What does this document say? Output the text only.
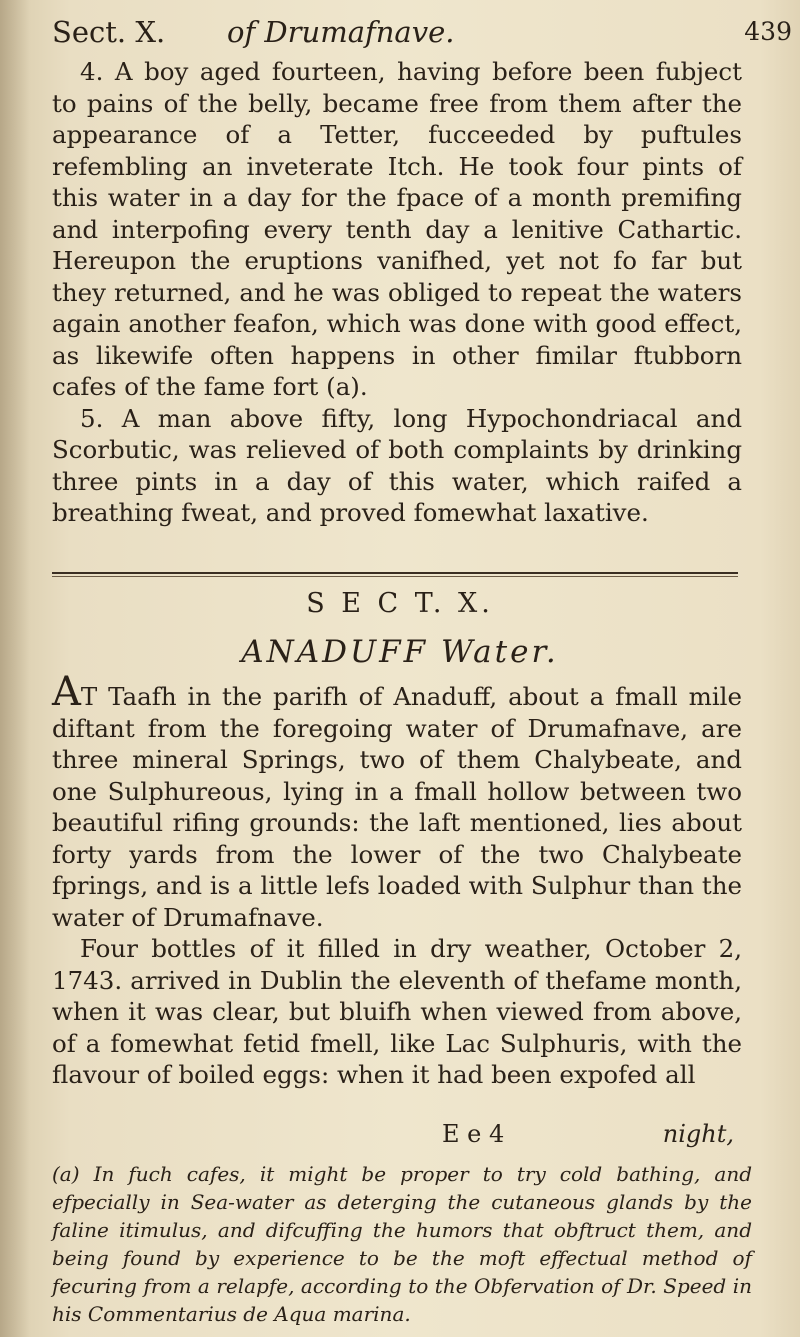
Sect. X. of Drumafnave.	439

4. A boy aged fourteen, having before been fubject to pains of the belly, became free from them after the appearance of a Tetter, fucceeded by puftules refembling an inveterate Itch. He took four pints of this water in a day for the fpace of a month premifing and interpofing every tenth day a lenitive Cathartic. Hereupon the eruptions vanifhed, yet not fo far but they returned, and he was obliged to repeat the waters again another feafon, which was done with good effect, as likewife often happens in other fimilar ftubborn cafes of the fame fort (a).

5. A man above fifty, long Hypochondriacal and Scorbutic, was relieved of both complaints by drinking three pints in a day of this water, which raifed a breathing fweat, and proved fomewhat laxative.

S E C T. X.
ANADUFF Water.

AT Taafh in the parifh of Anaduff, about a fmall mile diftant from the foregoing water of Drumafnave, are three mineral Springs, two of them Chalybeate, and one Sulphureous, lying in a fmall hollow between two beautiful rifing grounds: the laft mentioned, lies about forty yards from the lower of the two Chalybeate fprings, and is a little lefs loaded with Sulphur than the water of Drumafnave.

Four bottles of it filled in dry weather, October 2, 1743. arrived in Dublin the eleventh of thefame month, when it was clear, but bluifh when viewed from above, of a fomewhat fetid fmell, like Lac Sulphuris, with the flavour of boiled eggs: when it had been expofed all

E e 4	night,
(a) In fuch cafes, it might be proper to try cold bathing, and efpecially in Sea-water as deterging the cutaneous glands by the faline itimulus, and difcuffing the humors that obftruct them, and being found by experience to be the moft effectual method of fecuring from a relapfe, according to the Obfervation of Dr. Speed in his Commentarius de Aqua marina.
